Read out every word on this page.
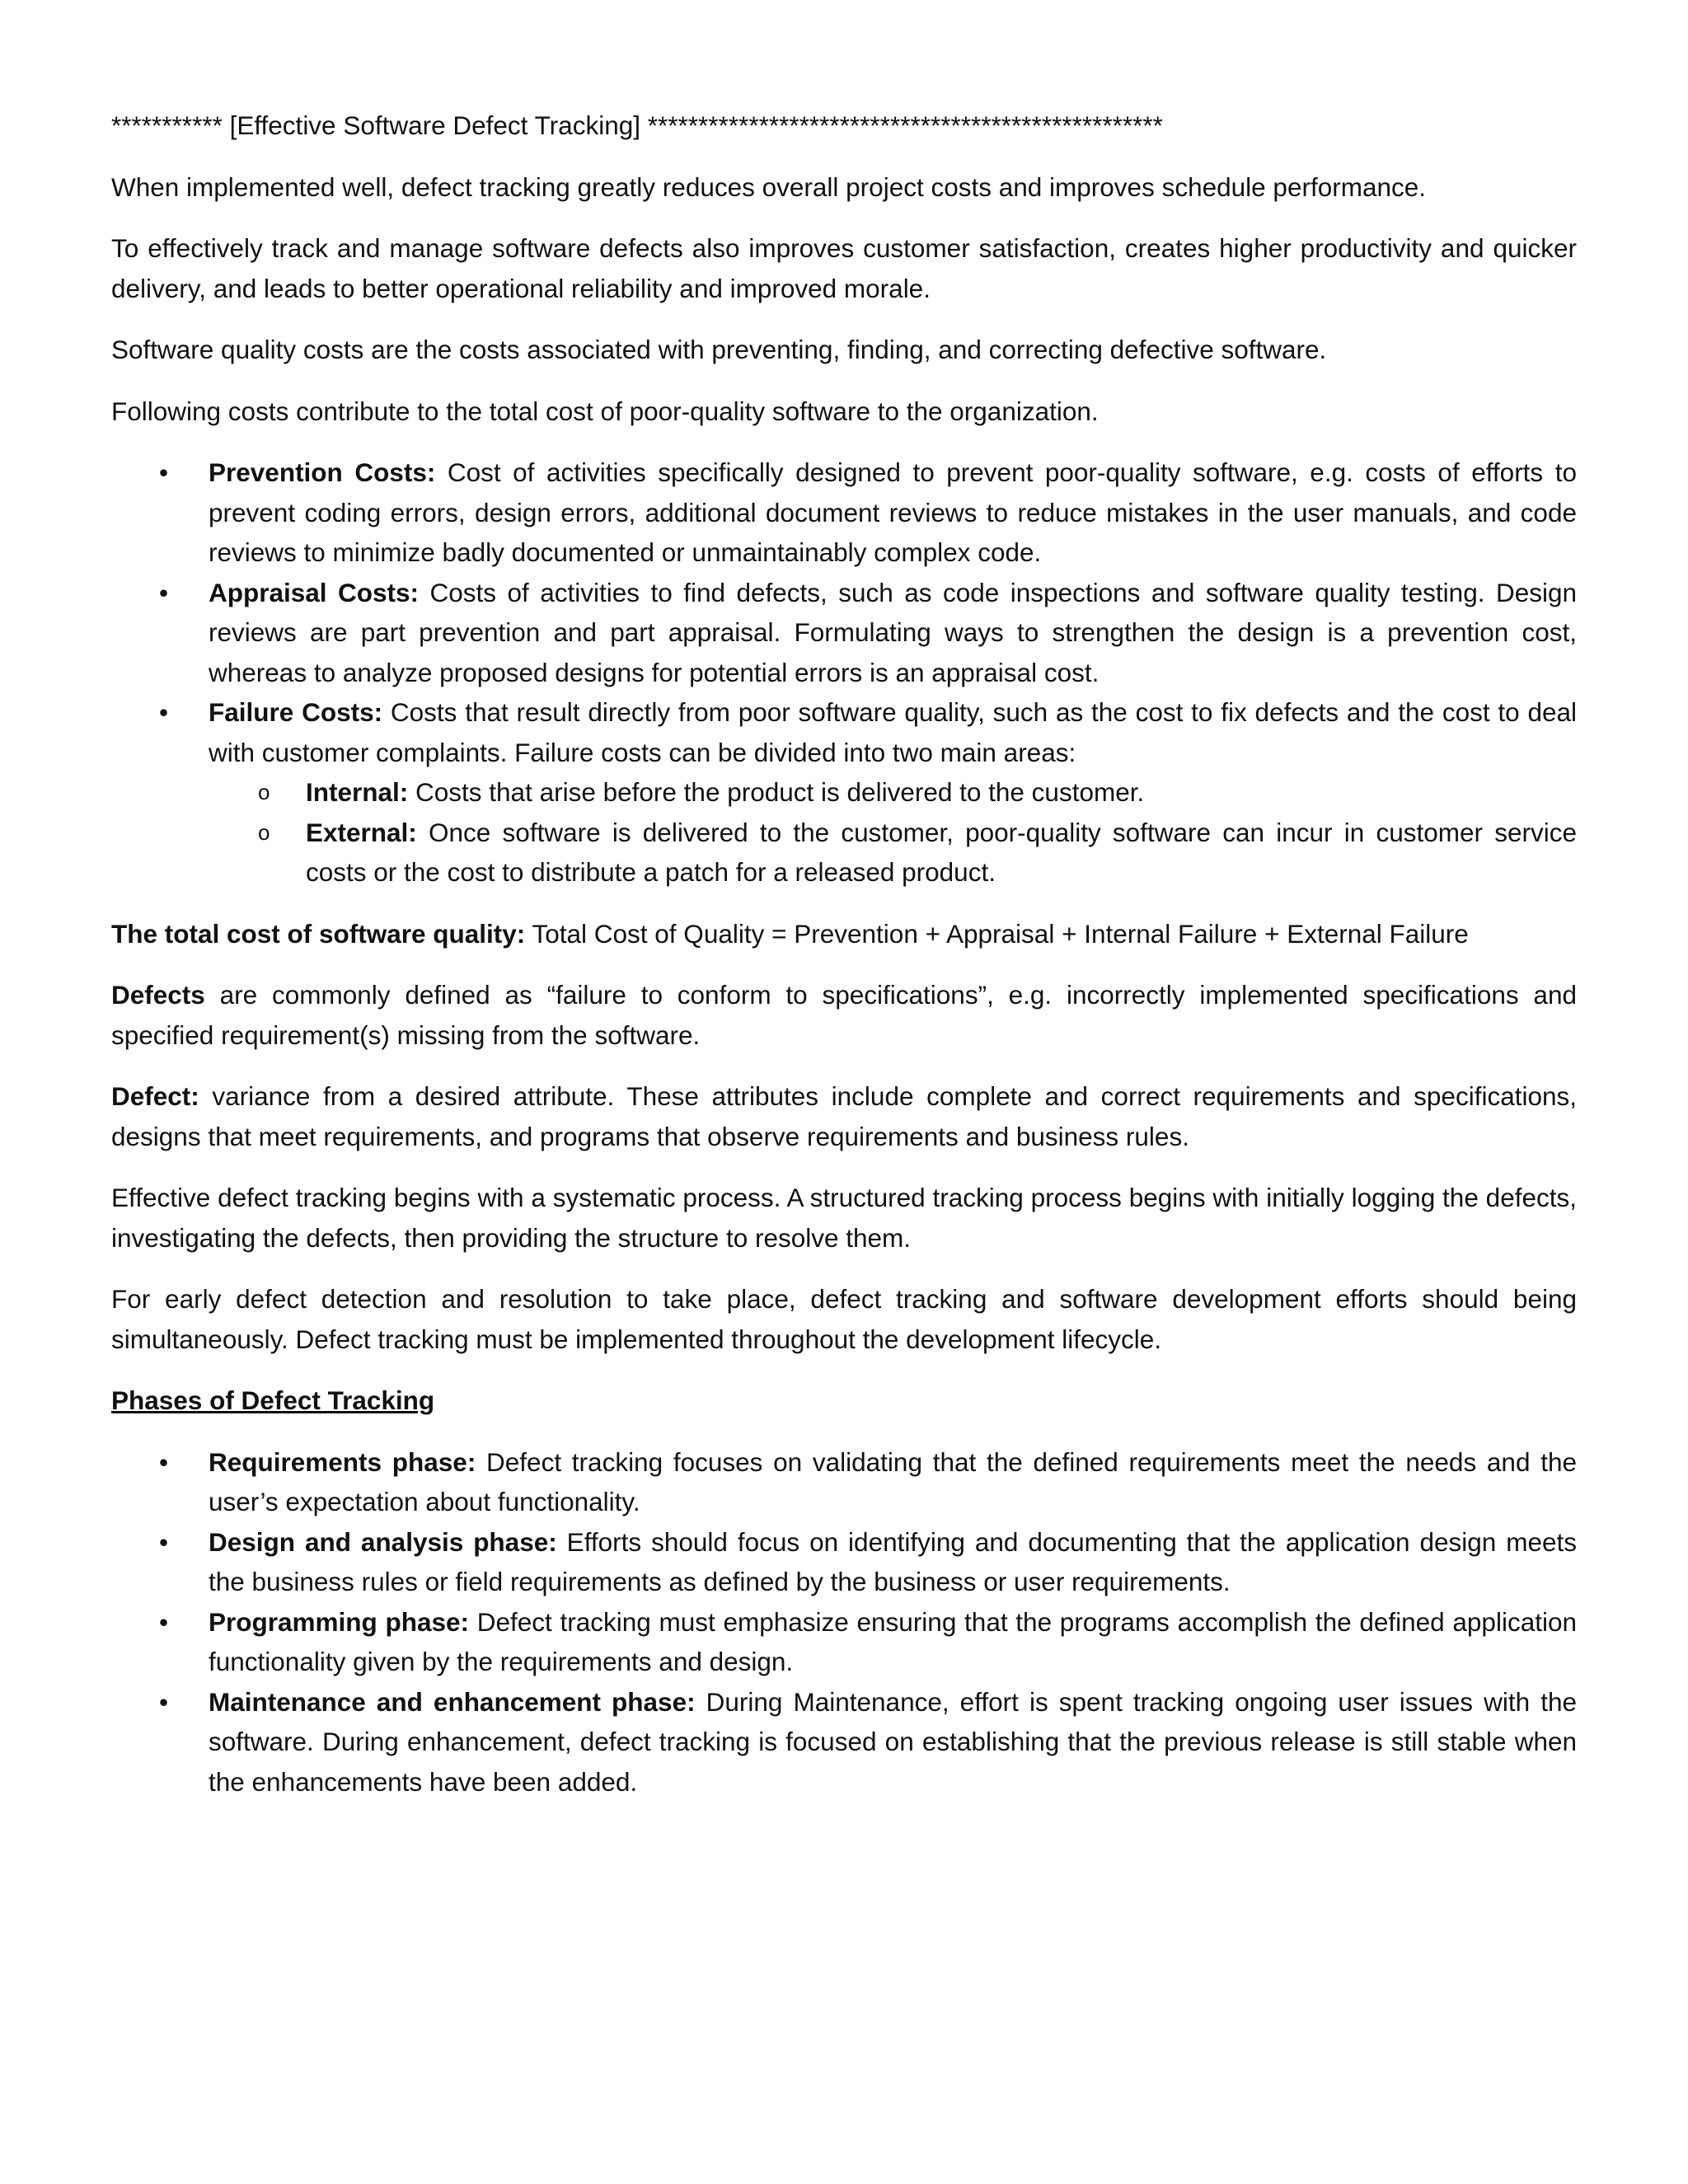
*********** [Effective Software Defect Tracking] ***************************************************

When implemented well, defect tracking greatly reduces overall project costs and improves schedule performance.

To effectively track and manage software defects also improves customer satisfaction, creates higher productivity and quicker delivery, and leads to better operational reliability and improved morale.

Software quality costs are the costs associated with preventing, finding, and correcting defective software.

Following costs contribute to the total cost of poor-quality software to the organization.

•	Prevention Costs: Cost of activities specifically designed to prevent poor-quality software, e.g. costs of efforts to prevent coding errors, design errors, additional document reviews to reduce mistakes in the user manuals, and code reviews to minimize badly documented or unmaintainably complex code.
•	Appraisal Costs: Costs of activities to find defects, such as code inspections and software quality testing. Design reviews are part prevention and part appraisal. Formulating ways to strengthen the design is a prevention cost, whereas to analyze proposed designs for potential errors is an appraisal cost.
•	Failure Costs: Costs that result directly from poor software quality, such as the cost to fix defects and the cost to deal with customer complaints. Failure costs can be divided into two main areas:
o Internal: Costs that arise before the product is delivered to the customer.
o External: Once software is delivered to the customer, poor-quality software can incur in customer service costs or the cost to distribute a patch for a released product.

The total cost of software quality: Total Cost of Quality = Prevention + Appraisal + Internal Failure + External Failure

Defects are commonly defined as “failure to conform to specifications”, e.g. incorrectly implemented specifications and specified requirement(s) missing from the software.

Defect: variance from a desired attribute. These attributes include complete and correct requirements and specifications, designs that meet requirements, and programs that observe requirements and business rules.

Effective defect tracking begins with a systematic process. A structured tracking process begins with initially logging the defects, investigating the defects, then providing the structure to resolve them.

For early defect detection and resolution to take place, defect tracking and software development efforts should being simultaneously. Defect tracking must be implemented throughout the development lifecycle.

Phases of Defect Tracking
•	Requirements phase: Defect tracking focuses on validating that the defined requirements meet the needs and the user’s expectation about functionality.
•	Design and analysis phase: Efforts should focus on identifying and documenting that the application design meets the business rules or field requirements as defined by the business or user requirements.
•	Programming phase: Defect tracking must emphasize ensuring that the programs accomplish the defined application functionality given by the requirements and design.
•	Maintenance and enhancement phase: During Maintenance, effort is spent tracking ongoing user issues with the software. During enhancement, defect tracking is focused on establishing that the previous release is still stable when the enhancements have been added.
